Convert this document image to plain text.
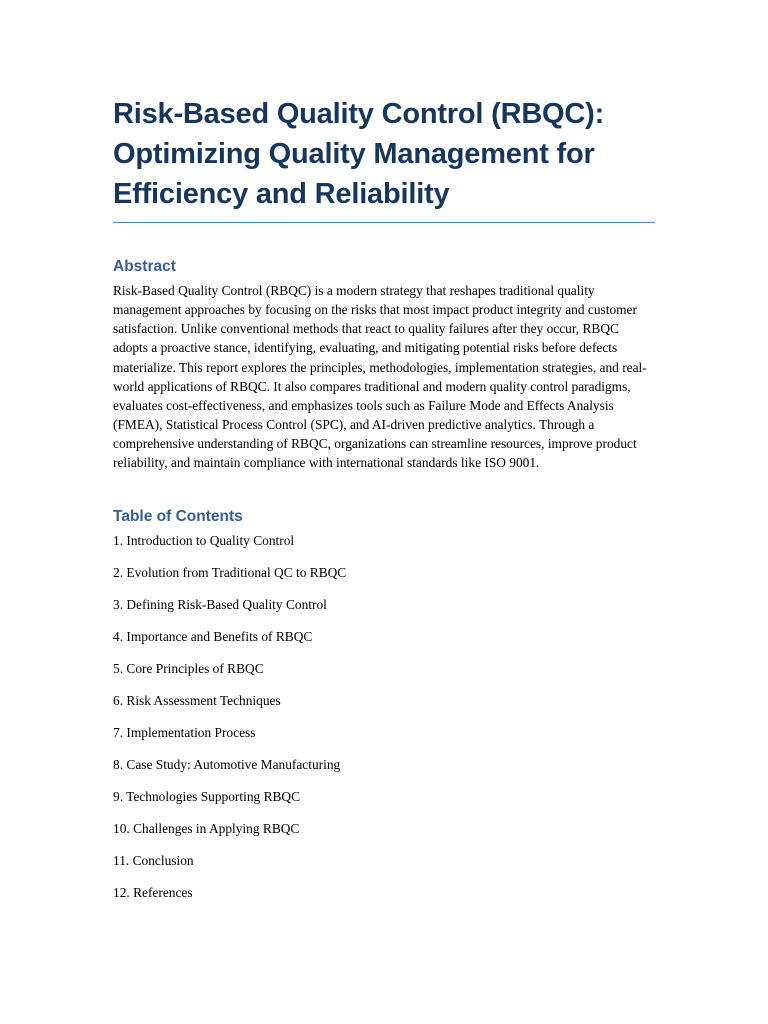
Risk-Based Quality Control (RBQC): Optimizing Quality Management for Efficiency and Reliability
Abstract

Risk-Based Quality Control (RBQC) is a modern strategy that reshapes traditional quality management approaches by focusing on the risks that most impact product integrity and customer satisfaction. Unlike conventional methods that react to quality failures after they occur, RBQC adopts a proactive stance, identifying, evaluating, and mitigating potential risks before defects materialize. This report explores the principles, methodologies, implementation strategies, and real-world applications of RBQC. It also compares traditional and modern quality control paradigms, evaluates cost-effectiveness, and emphasizes tools such as Failure Mode and Effects Analysis (FMEA), Statistical Process Control (SPC), and AI-driven predictive analytics. Through a comprehensive understanding of RBQC, organizations can streamline resources, improve product reliability, and maintain compliance with international standards like ISO 9001.

Table of Contents
1. Introduction to Quality Control
2. Evolution from Traditional QC to RBQC
3. Defining Risk-Based Quality Control
4. Importance and Benefits of RBQC
5. Core Principles of RBQC
6. Risk Assessment Techniques
7. Implementation Process
8. Case Study: Automotive Manufacturing
9. Technologies Supporting RBQC
10. Challenges in Applying RBQC
11. Conclusion
12. References
